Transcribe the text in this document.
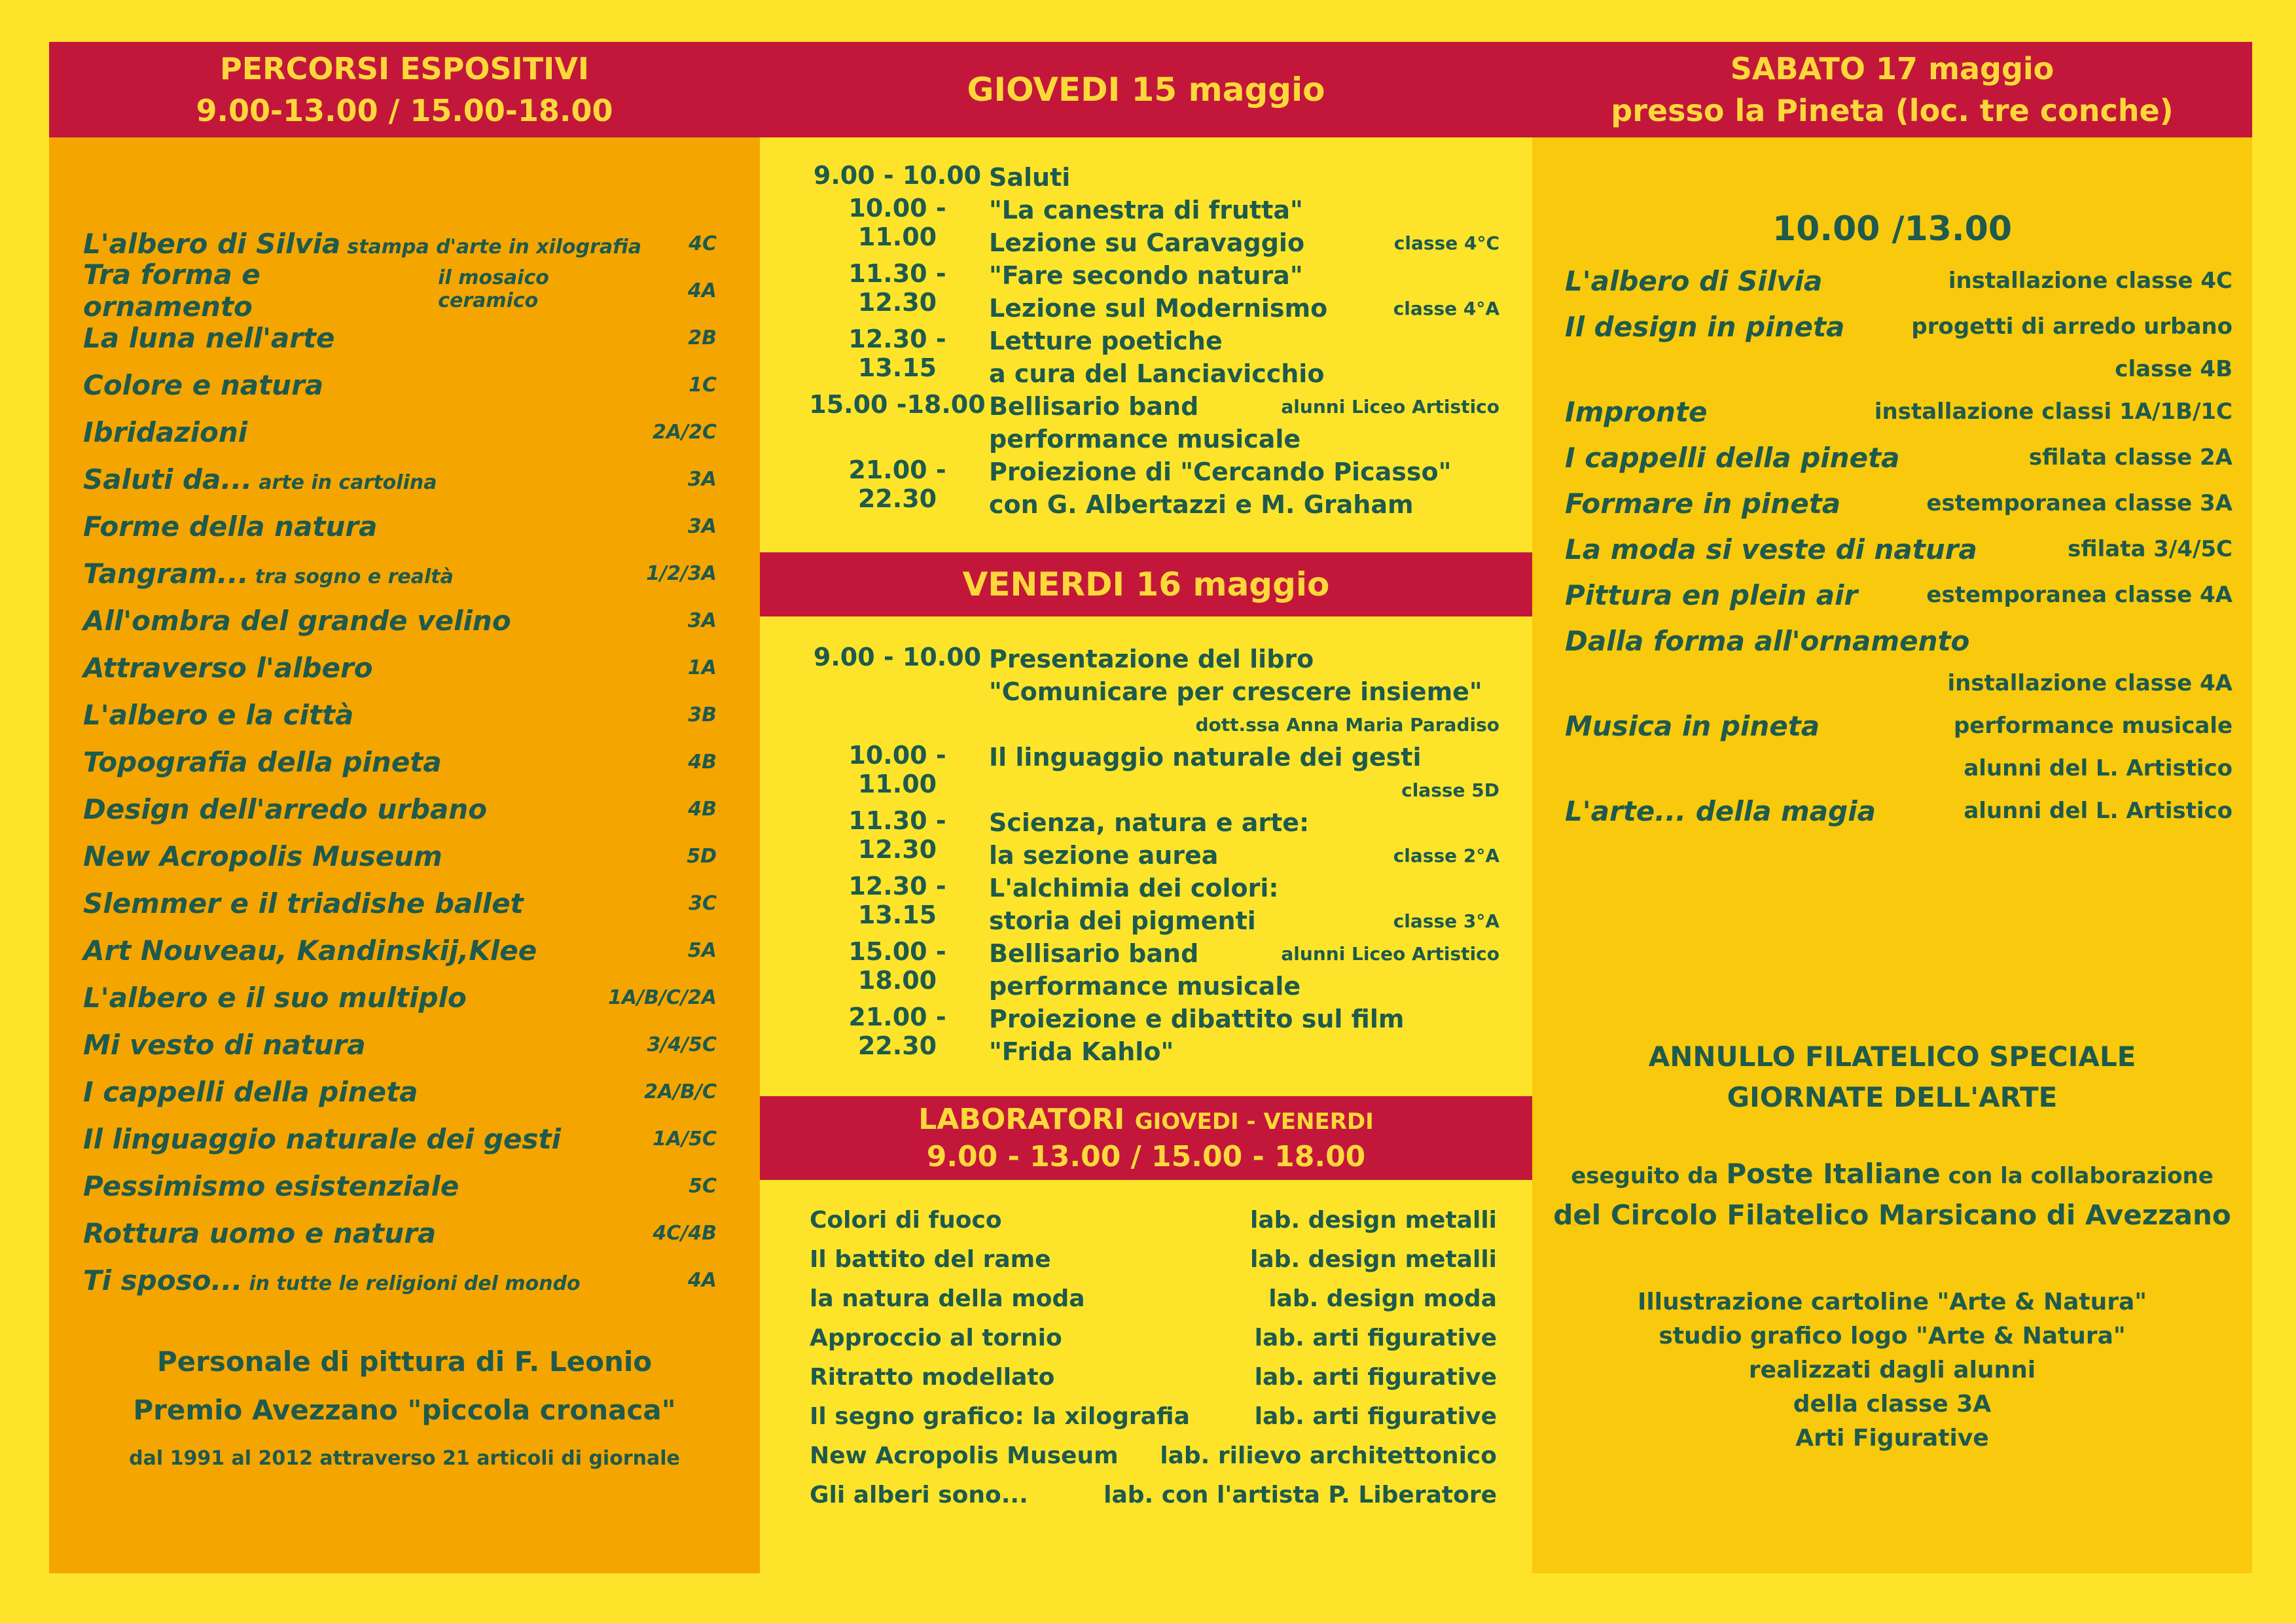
PERCORSI ESPOSITIVI
9.00-13.00 / 15.00-18.00
L'albero di Silvia stampa d'arte in xilografia	4C
Tra forma e ornamento
il mosaico ceramico	4A
La luna nell'arte	2B
Colore e natura	1C
Ibridazioni	2A/2C
Saluti da... arte in cartolina	3A
Forme della natura	3A
Tangram... tra sogno e realtà	1/2/3A
All'ombra del grande velino	3A
Attraverso l'albero	1A
L'albero e la città	3B
Topografia della pineta	4B
Design dell'arredo urbano	4B
New Acropolis Museum	5D
Slemmer e il triadishe ballet	3C
Art Nouveau, Kandinskij,Klee	5A
L'albero e il suo multiplo	1A/B/C/2A
Mi vesto di natura	3/4/5C
I cappelli della pineta	2A/B/C
Il linguaggio naturale dei gesti	1A/5C
Pessimismo esistenziale	5C
Rottura uomo e natura	4C/4B
Ti sposo... in tutte le religioni del mondo	4A
Personale di pittura di F. Leonio
Premio Avezzano "piccola cronaca"
dal 1991 al 2012 attraverso 21 articoli di giornale
GIOVEDI 15 maggio
9.00 - 10.00 Saluti
10.00 - 11.00
"La canestra di frutta"
Lezione su Caravaggio	classe 4°C
11.30 - 12.30
"Fare secondo natura"
Lezione sul Modernismo	classe 4°A
12.30 - 13.15
Letture poetiche
a cura del Lanciavicchio
15.00 -18.00 Bellisario band	alunni Liceo Artistico
performance musicale
21.00 - 22.30
Proiezione di "Cercando Picasso"
con G. Albertazzi e M. Graham
VENERDI 16 maggio
9.00 - 10.00 Presentazione del libro
"Comunicare per crescere insieme"
dott.ssa Anna Maria Paradiso
10.00 - 11.00
Il linguaggio naturale dei gesti
classe 5D
11.30 - 12.30
Scienza, natura e arte:
la sezione aurea	classe 2°A
12.30 - 13.15
L'alchimia dei colori:
storia dei pigmenti	classe 3°A
15.00 - 18.00
Bellisario band	alunni Liceo Artistico
performance musicale
21.00 - 22.30
Proiezione e dibattito sul film
"Frida Kahlo"
LABORATORI GIOVEDI - VENERDI
9.00 - 13.00 / 15.00 - 18.00
Colori di fuoco	lab. design metalli
Il battito del rame	lab. design metalli
la natura della moda	lab. design moda
Approccio al tornio	lab. arti figurative
Ritratto modellato	lab. arti figurative
Il segno grafico: la xilografia	lab. arti figurative
New Acropolis Museum lab. rilievo architettonico
Gli alberi sono...	lab. con l'artista P. Liberatore
SABATO 17 maggio
presso la Pineta (loc. tre conche)
10.00 /13.00
L'albero di Silvia	installazione classe 4C
Il design in pineta	progetti di arredo urbano
classe 4B
Impronte	installazione classi 1A/1B/1C
I cappelli della pineta	sfilata classe 2A
Formare in pineta	estemporanea classe 3A
La moda si veste di natura	sfilata 3/4/5C
Pittura en plein air	estemporanea classe 4A
Dalla forma all'ornamento
installazione classe 4A
Musica in pineta	performance musicale
alunni del L. Artistico
L'arte... della magia	alunni del L. Artistico
ANNULLO FILATELICO SPECIALE
GIORNATE DELL'ARTE
eseguito da Poste Italiane con la collaborazione
del Circolo Filatelico Marsicano di Avezzano
Illustrazione cartoline "Arte & Natura"
studio grafico logo "Arte & Natura"
realizzati dagli alunni
della classe 3A
Arti Figurative
